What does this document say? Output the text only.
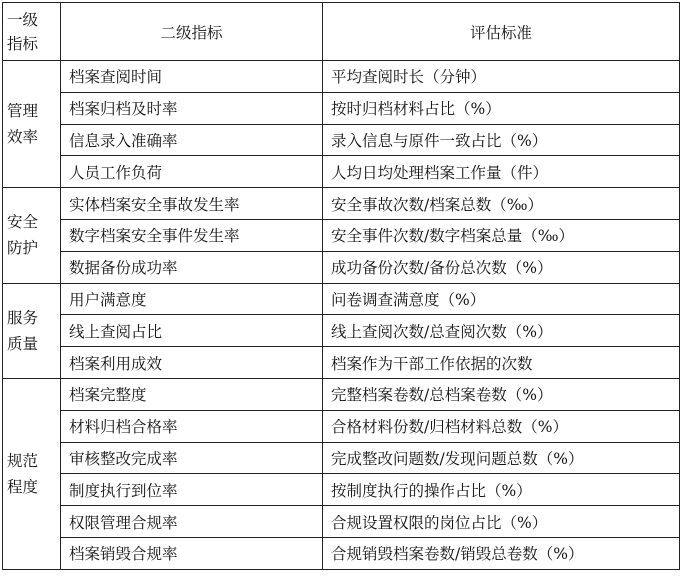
一级
指标	二级指标	评估标准
管理
效率	档案查阅时间	平均查阅时长（分钟）
	档案归档及时率	按时归档材料占比（%）
	信息录入准确率	录入信息与原件一致占比（%）
	人员工作负荷	人均日均处理档案工作量（件）
安全
防护	实体档案安全事故发生率	安全事故次数/档案总数（‰）
	数字档案安全事件发生率	安全事件次数/数字档案总量（‰）
	数据备份成功率	成功备份次数/备份总次数（%）
服务
质量	用户满意度	问卷调查满意度（%）
	线上查阅占比	线上查阅次数/总查阅次数（%）
	档案利用成效	档案作为干部工作依据的次数
规范
程度	档案完整度	完整档案卷数/总档案卷数（%）
	材料归档合格率	合格材料份数/归档材料总数（%）
	审核整改完成率	完成整改问题数/发现问题总数（%）
	制度执行到位率	按制度执行的操作占比（%）
	权限管理合规率	合规设置权限的岗位占比（%）
	档案销毁合规率	合规销毁档案卷数/销毁总卷数（%）
